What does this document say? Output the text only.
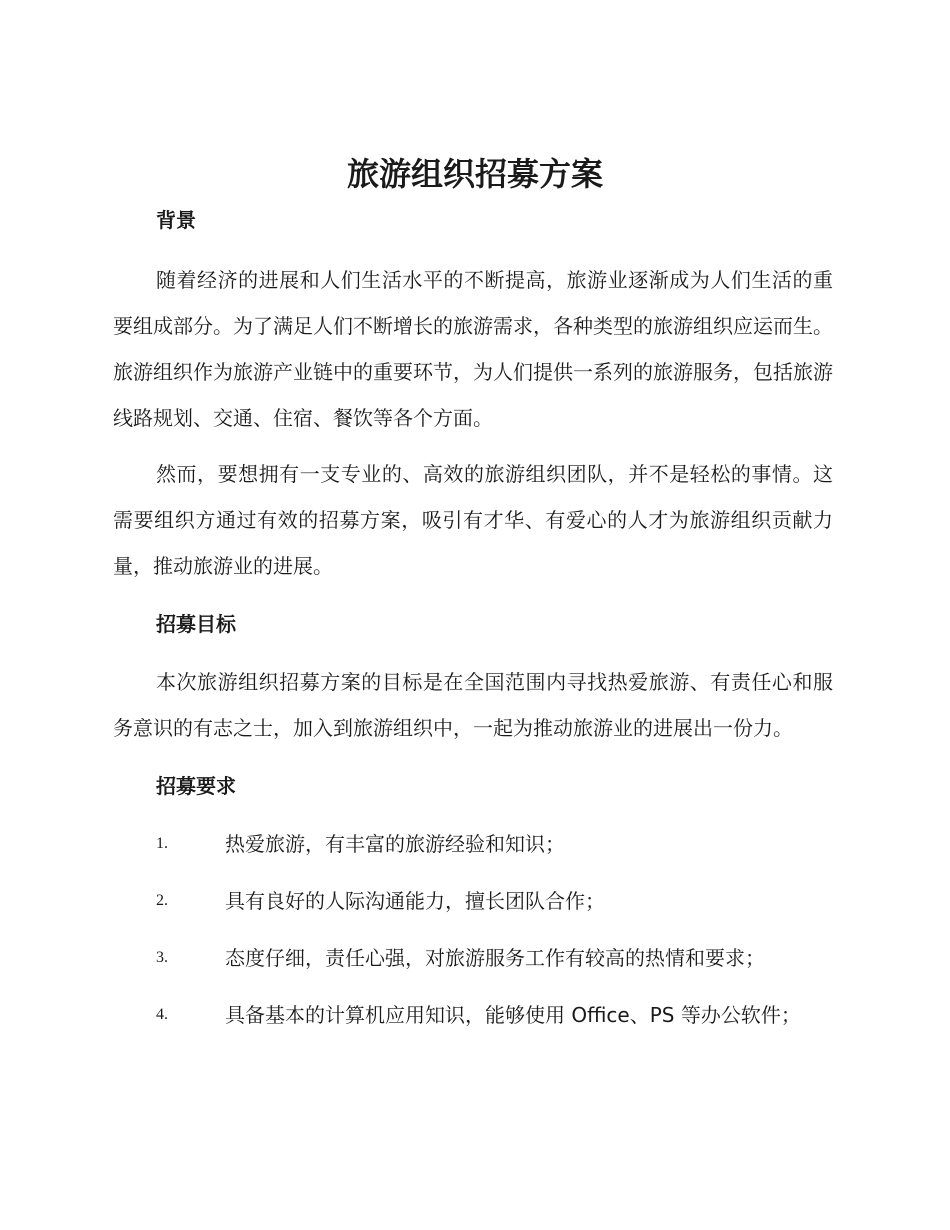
旅游组织招募方案

背景

随着经济的进展和人们生活水平的不断提高，旅游业逐渐成为人们生活的重要组成部分。为了满足人们不断增长的旅游需求，各种类型的旅游组织应运而生。旅游组织作为旅游产业链中的重要环节，为人们提供一系列的旅游服务，包括旅游线路规划、交通、住宿、餐饮等各个方面。

然而，要想拥有一支专业的、高效的旅游组织团队，并不是轻松的事情。这需要组织方通过有效的招募方案，吸引有才华、有爱心的人才为旅游组织贡献力量，推动旅游业的进展。

招募目标

本次旅游组织招募方案的目标是在全国范围内寻找热爱旅游、有责任心和服务意识的有志之士，加入到旅游组织中，一起为推动旅游业的进展出一份力。

招募要求

1.	热爱旅游，有丰富的旅游经验和知识；
2.	具有良好的人际沟通能力，擅长团队合作；
3.	态度仔细，责任心强，对旅游服务工作有较高的热情和要求；
4.	具备基本的计算机应用知识，能够使用 Office、PS 等办公软件；
